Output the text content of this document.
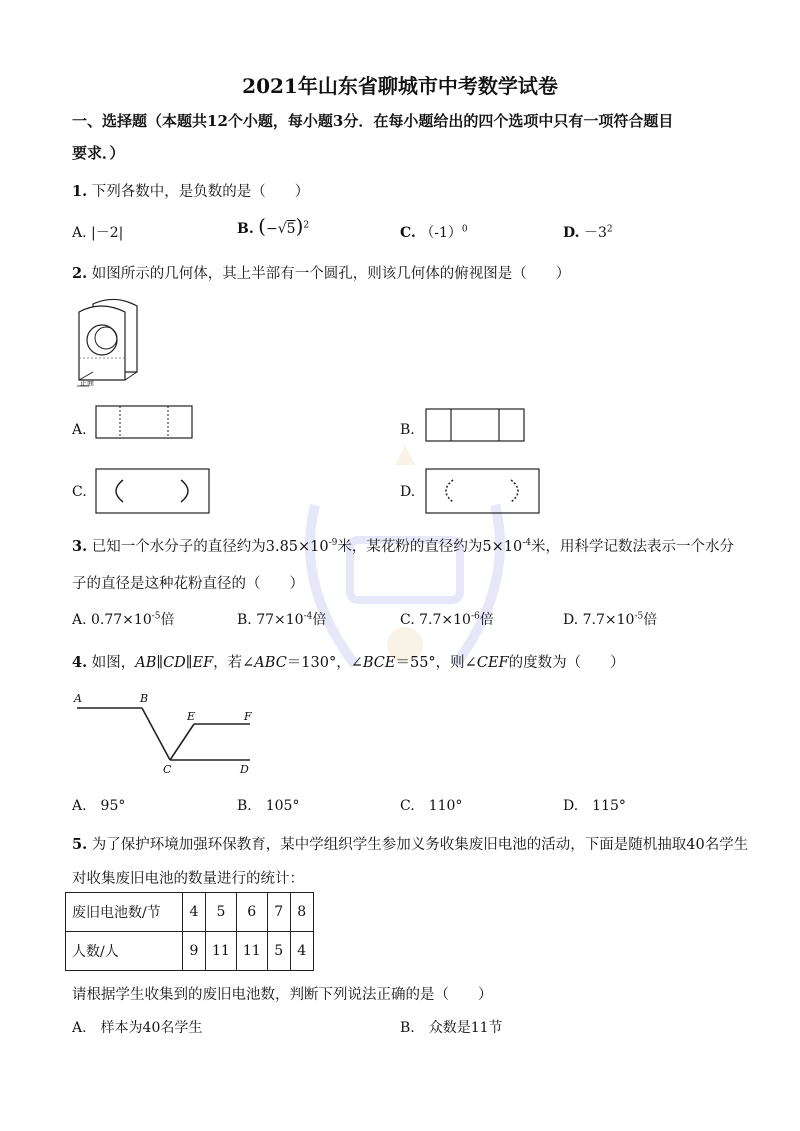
2021年山东省聊城市中考数学试卷
一、选择题（本题共12个小题，每小题3分．在每小题给出的四个选项中只有一项符合题目
要求．）
1. 下列各数中，是负数的是（　　）
A. |－2|	B. $(-√5)^2$	C. $(-1)^0$	D. $-3^2$
2. 如图所示的几何体，其上半部有一个圆孔，则该几何体的俯视图是（　　）
正面
A.	B.
C.	D.
3. 已知一个水分子的直径约为$3.85\times 10^{-9}$米，某花粉的直径约为$5\times 10^{-4}$米，用科学记数法表示一个水分
子的直径是这种花粉直径的（　　）
A. $0.77\times 10^{-5}$倍	B. $77\times 10^{-4}$倍	C. $7.7\times 10^{-6}$倍	D. $7.7\times 10^{-5}$倍
4. 如图，AB∥CD∥EF，若∠ABC＝130°，∠BCE＝55°，则∠CEF的度数为（　　）
A	B
C	D
E	F
A.　95°	B.　105°	C.　110°	D.　115°
5. 为了保护环境加强环保教育，某中学组织学生参加义务收集废旧电池的活动，下面是随机抽取40名学生
对收集废旧电池的数量进行的统计：
废旧电池数/节	4	5	6	7	8
人数/人	9	11	11	5	4
请根据学生收集到的废旧电池数，判断下列说法正确的是（　　）
A.　样本为40名学生	B.　众数是11节
